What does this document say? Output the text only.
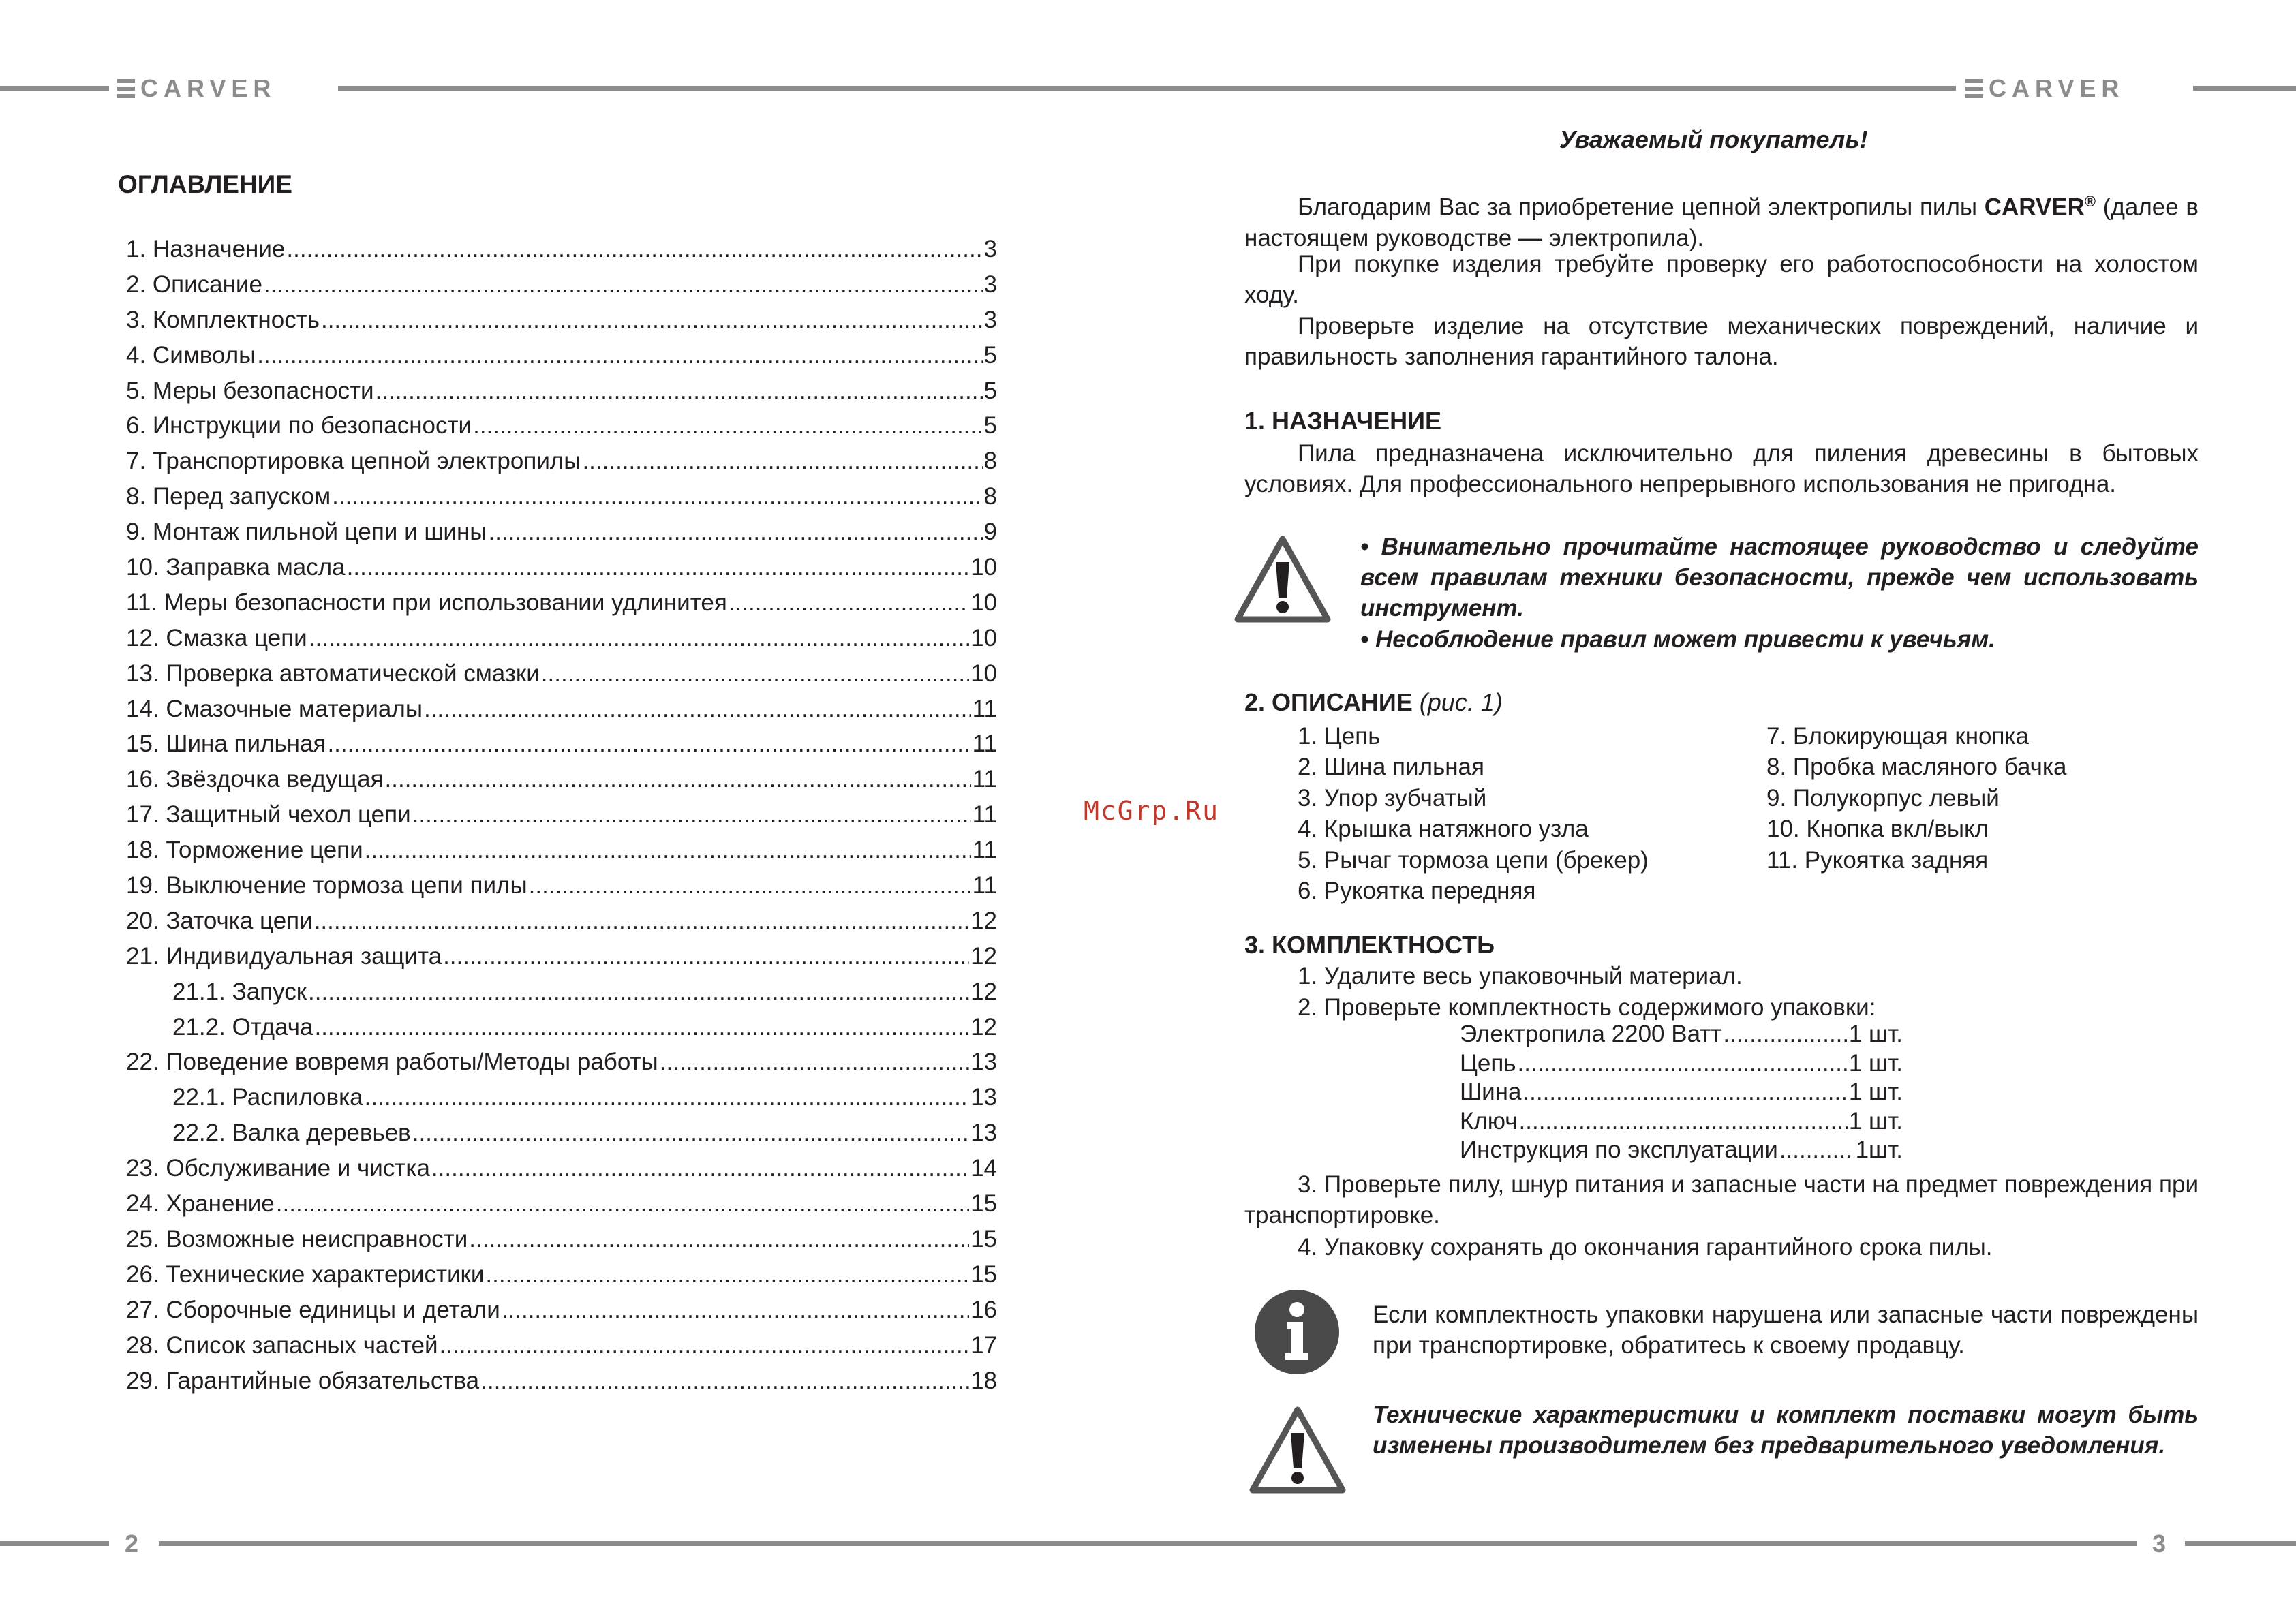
CARVER	CARVER
McGrp.Ru
ОГЛАВЛЕНИЕ
1. Назначение .....	3
2. Описание .....	3
3. Комплектность .....	3
4. Символы .....	5
5. Меры безопасности .....	5
6. Инструкции по безопасности .....	5
7. Транспортировка цепной электропилы .....	8
8. Перед запуском .....	8
9. Монтаж пильной цепи и шины .....	9
10. Заправка масла .....	10
11. Меры безопасности при использовании удлинитея .....	10
12. Смазка цепи .....	10
13. Проверка автоматической смазки .....	10
14. Смазочные материалы .....	11
15. Шина пильная .....	11
16. Звёздочка ведущая .....	11
17. Защитный чехол цепи .....	11
18. Торможение цепи .....	11
19. Выключение тормоза цепи пилы .....	11
20. Заточка цепи .....	12
21. Индивидуальная защита .....	12
21.1. Запуск .....	12
21.2. Отдача .....	12
22. Поведение вовремя работы/Методы работы .....	13
22.1. Распиловка .....	13
22.2. Валка деревьев .....	13
23. Обслуживание и чистка .....	14
24. Хранение .....	15
25. Возможные неисправности .....	15
26. Технические характеристики .....	15
27. Сборочные единицы и детали .....	16
28. Список запасных частей .....	17
29. Гарантийные обязательства .....	18
Уважаемый покупатель!
Благодарим Вас за приобретение цепной электропилы пилы CARVER® (далее в настоящем руководстве — электропила).
При покупке изделия требуйте проверку его работоспособности на холостом ходу.
Проверьте изделие на отсутствие механических повреждений, наличие и правильность заполнения гарантийного талона.
1. НАЗНАЧЕНИЕ
Пила предназначена исключительно для пиления древесины в бытовых условиях. Для профессионального непрерывного использования не пригодна.
• Внимательно прочитайте настоящее руководство и следуйте всем правилам техники безопасности, прежде чем использовать инструмент.
• Несоблюдение правил может привести к увечьям.
2. ОПИСАНИЕ (рис. 1)
1. Цепь
2. Шина пильная
3. Упор зубчатый
4. Крышка натяжного узла
5. Рычаг тормоза цепи (брекер)
6. Рукоятка передняя
7. Блокирующая кнопка
8. Пробка масляного бачка
9. Полукорпус левый
10. Кнопка вкл/выкл
11. Рукоятка задняя
3. КОМПЛЕКТНОСТЬ
1. Удалите весь упаковочный материал.
2. Проверьте комплектность содержимого упаковки:
Электропила 2200 Ватт .....	1 шт.
Цепь .....	1 шт.
Шина .....	1 шт.
Ключ .....	1 шт.
Инструкция по эксплуатации .....	1шт.
3. Проверьте пилу, шнур питания и запасные части на предмет повреждения при транспортировке.
4. Упаковку сохранять до окончания гарантийного срока пилы.
Если комплектность упаковки нарушена или запасные части повреждены при транспортировке, обратитесь к своему продавцу.
Технические характеристики и комплект поставки могут быть изменены производителем без предварительного уведомления.
2	3
